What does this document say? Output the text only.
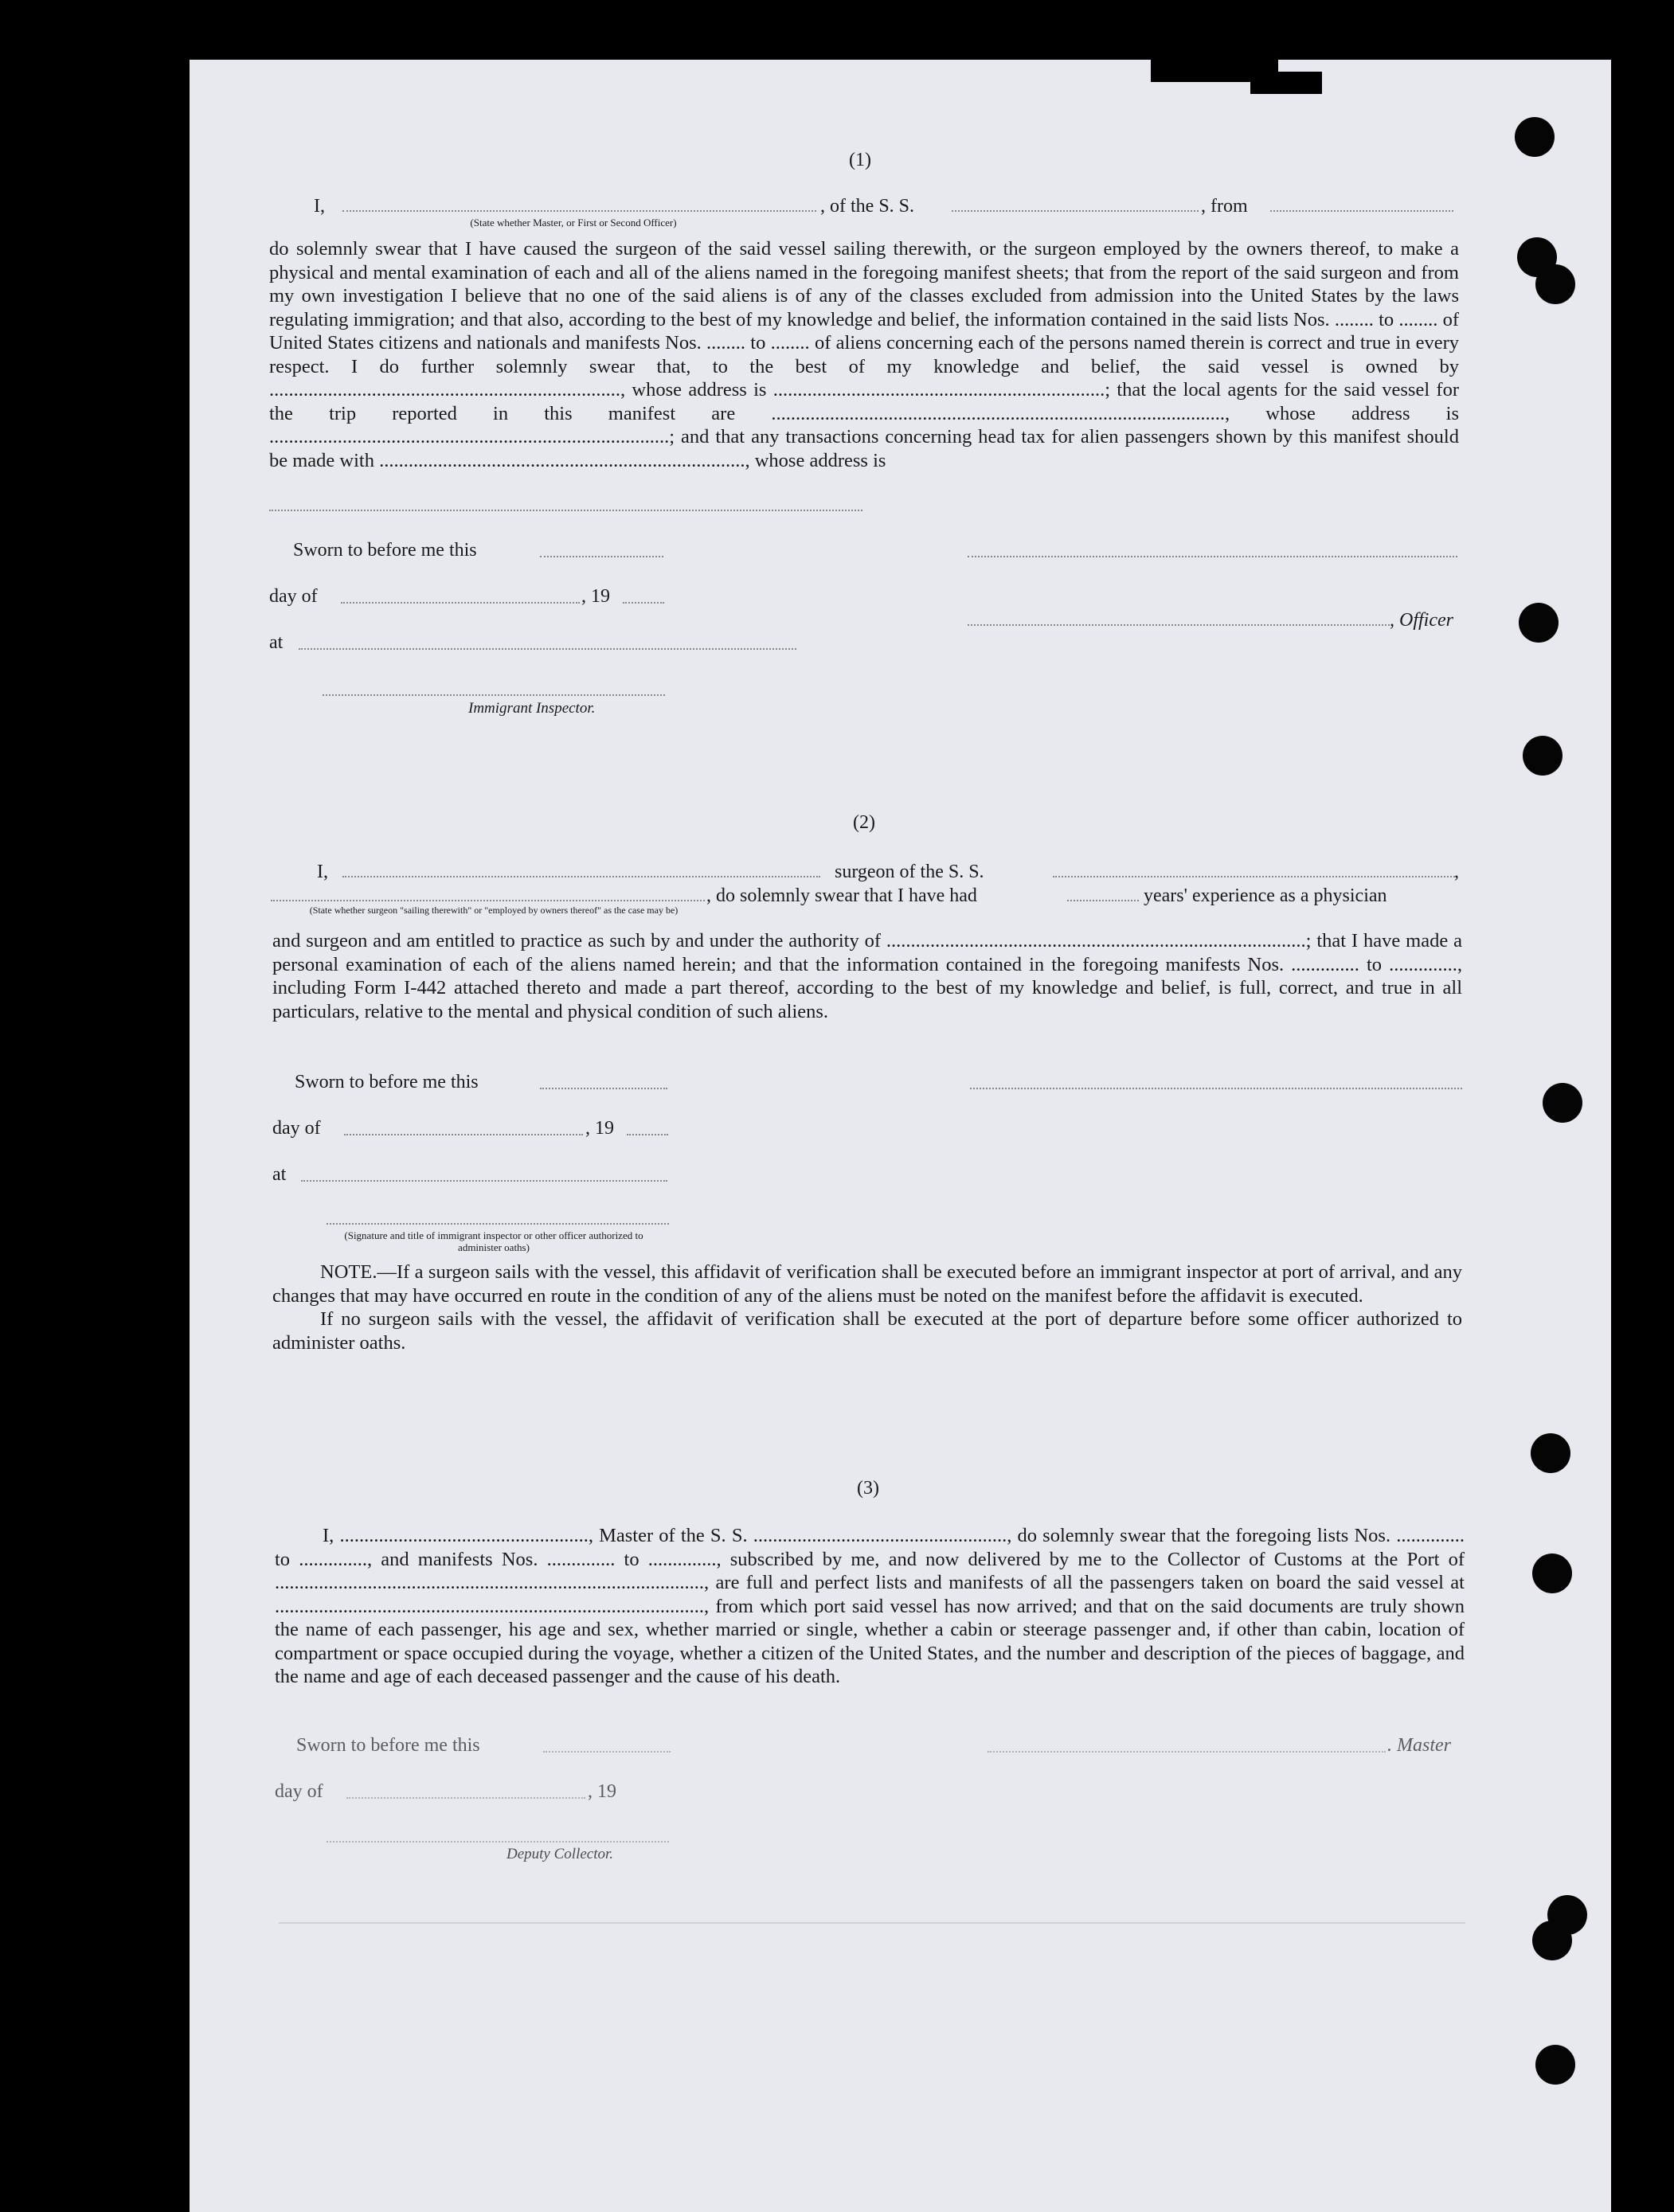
(1)
I,	, of the S. S.	, from
(State whether Master, or First or Second Officer)

do solemnly swear that I have caused the surgeon of the said vessel sailing therewith, or the surgeon employed by the owners thereof, to make a physical and mental examination of each and all of the aliens named in the foregoing manifest sheets; that from the report of the said surgeon and from my own investigation I believe that no one of the said aliens is of any of the classes excluded from admission into the United States by the laws regulating immigration; and that also, according to the best of my knowledge and belief, the information contained in the said lists Nos. ........ to ........ of United States citizens and nationals and manifests Nos. ........ to ........ of aliens concerning each of the persons named therein is correct and true in every respect. I do further solemnly swear that, to the best of my knowledge and belief, the said vessel is owned by ........................................................................, whose address is ....................................................................; that the local agents for the said vessel for the trip reported in this manifest are ............................................................................................., whose address is ..................................................................................; and that any transactions concerning head tax for alien passengers shown by this manifest should be made with ..........................................................................., whose address is

Sworn to before me this
day of	, 19
, Officer
at
Immigrant Inspector.
(2)
I,	surgeon of the S. S.	,
, do solemnly swear that I have had	years' experience as a physician
(State whether surgeon "sailing therewith" or "employed by owners thereof" as the case may be)

and surgeon and am entitled to practice as such by and under the authority of ......................................................................................; that I have made a personal examination of each of the aliens named herein; and that the information contained in the foregoing manifests Nos. .............. to .............., including Form I-442 attached thereto and made a part thereof, according to the best of my knowledge and belief, is full, correct, and true in all particulars, relative to the mental and physical condition of such aliens.

Sworn to before me this
day of	, 19
at
(Signature and title of immigrant inspector or other officer authorized to administer oaths)

NOTE.—If a surgeon sails with the vessel, this affidavit of verification shall be executed before an immigrant inspector at port of arrival, and any changes that may have occurred en route in the condition of any of the aliens must be noted on the manifest before the affidavit is executed.

If no surgeon sails with the vessel, the affidavit of verification shall be executed at the port of departure before some officer authorized to administer oaths.

(3)

I, ..................................................., Master of the S. S. ...................................................., do solemnly swear that the foregoing lists Nos. .............. to .............., and manifests Nos. .............. to .............., subscribed by me, and now delivered by me to the Collector of Customs at the Port of ........................................................................................, are full and perfect lists and manifests of all the passengers taken on board the said vessel at ........................................................................................, from which port said vessel has now arrived; and that on the said documents are truly shown the name of each passenger, his age and sex, whether married or single, whether a cabin or steerage passenger and, if other than cabin, location of compartment or space occupied during the voyage, whether a citizen of the United States, and the number and description of the pieces of baggage, and the name and age of each deceased passenger and the cause of his death.

Sworn to before me this	. Master
day of	, 19
Deputy Collector.
